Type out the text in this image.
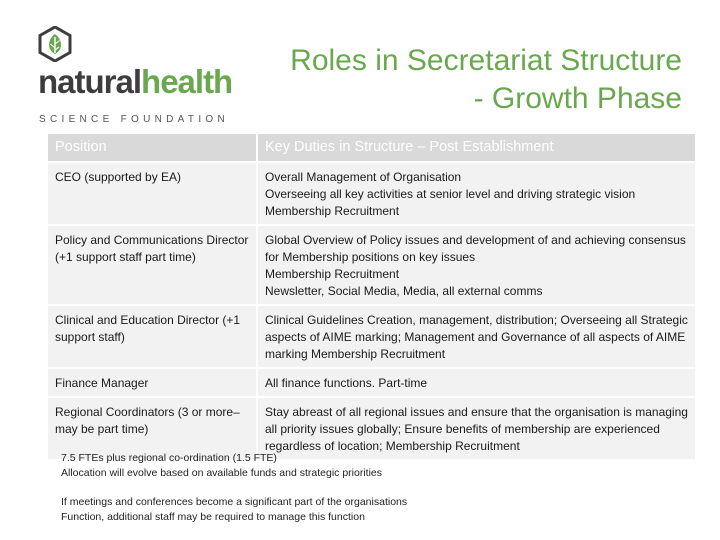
naturalhealth
SCIENCE FOUNDATION
Roles in Secretariat Structure
- Growth Phase
Position	Key Duties in Structure – Post Establishment
CEO (supported by EA)	Overall Management of Organisation
Overseeing all key activities at senior level and driving strategic vision
Membership Recruitment

Policy and Communications Director (+1 support staff part time)	Global Overview of Policy issues and development of and achieving consensus for Membership positions on key issues
Membership Recruitment
Newsletter, Social Media, Media, all external comms

Clinical and Education Director (+1 support staff)	Clinical Guidelines Creation, management, distribution; Overseeing all Strategic aspects of AIME marking; Management and Governance of all aspects of AIME marking Membership Recruitment

Finance Manager	All finance functions. Part-time

Regional Coordinators (3 or more– may be part time)	Stay abreast of all regional issues and ensure that the organisation is managing all priority issues globally; Ensure benefits of membership are experienced regardless of location; Membership Recruitment
7.5 FTEs plus regional co-ordination (1.5 FTE)
Allocation will evolve based on available funds and strategic priorities
If meetings and conferences become a significant part of the organisations
Function, additional staff may be required to manage this function
